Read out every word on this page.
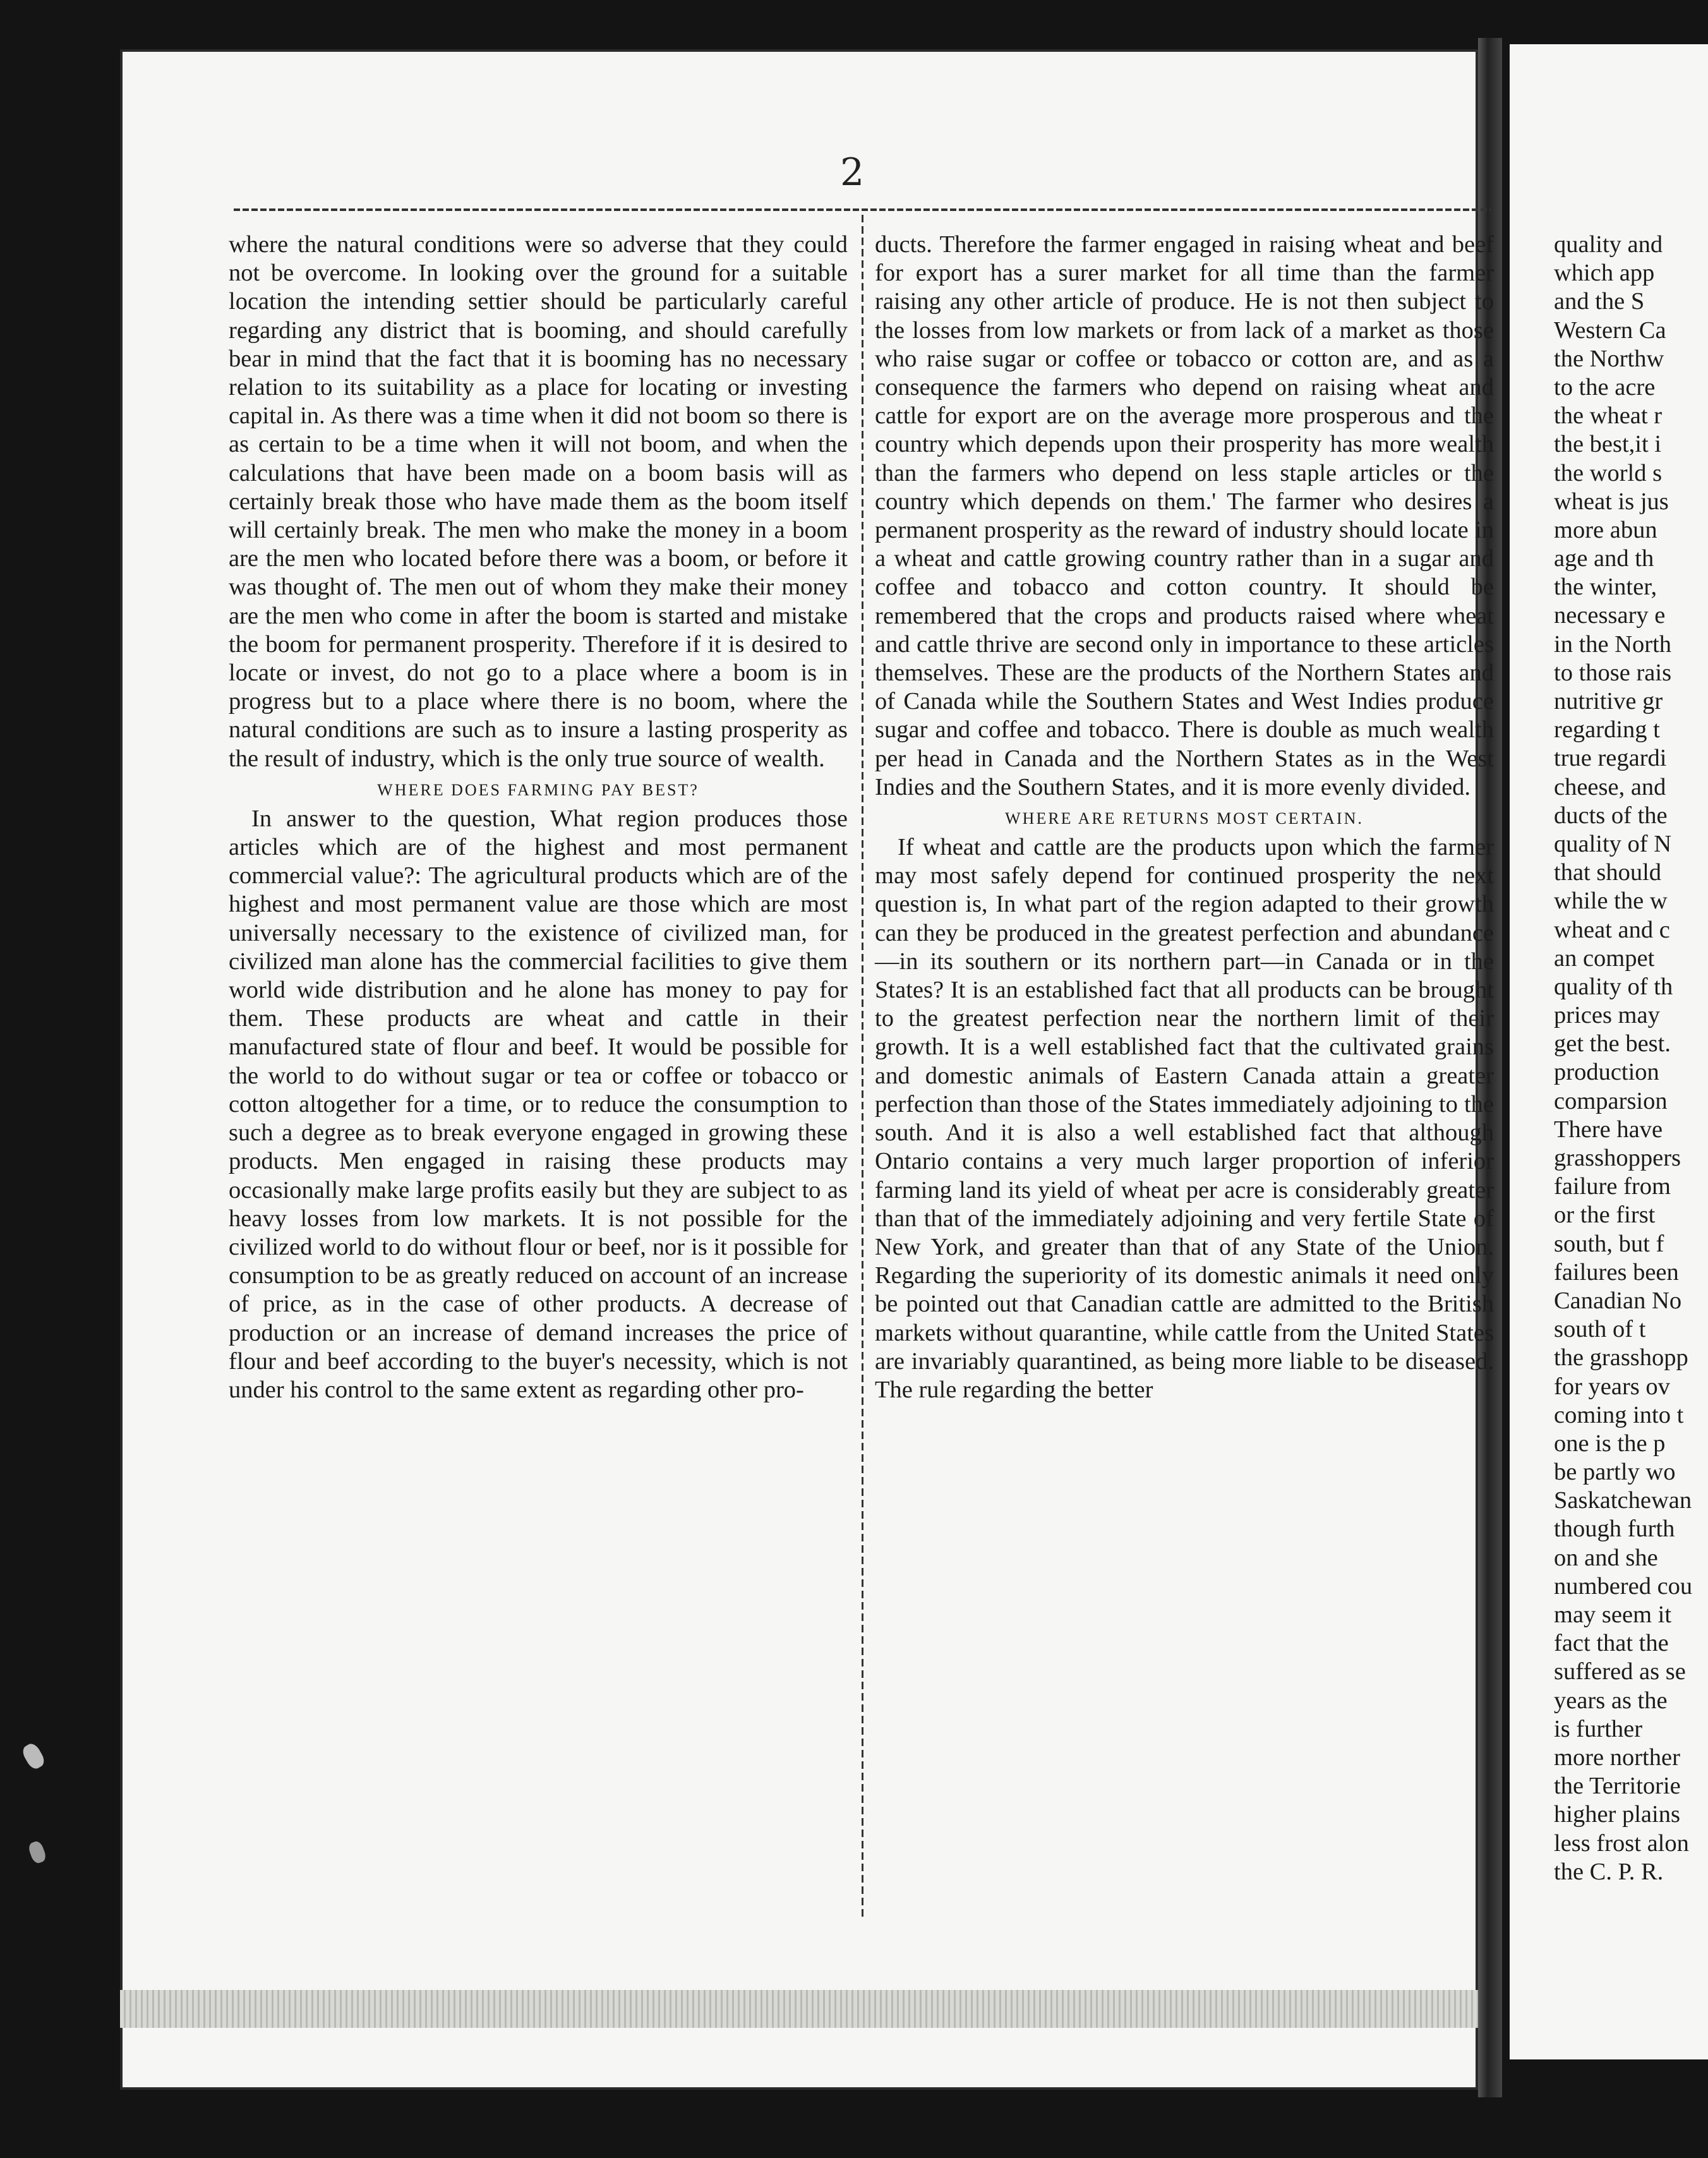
2

where the natural conditions were so adverse that they could not be overcome. In looking over the ground for a suitable location the intending settier should be particularly careful regarding any district that is booming, and should carefully bear in mind that the fact that it is booming has no necessary relation to its suitability as a place for locating or investing capital in. As there was a time when it did not boom so there is as certain to be a time when it will not boom, and when the calculations that have been made on a boom basis will as certainly break those who have made them as the boom itself will certainly break. The men who make the money in a boom are the men who located before there was a boom, or before it was thought of. The men out of whom they make their money are the men who come in after the boom is started and mistake the boom for permanent prosperity. Therefore if it is desired to locate or invest, do not go to a place where a boom is in progress but to a place where there is no boom, where the natural conditions are such as to insure a lasting prosperity as the result of industry, which is the only true source of wealth.

WHERE DOES FARMING PAY BEST?

In answer to the question, What region produces those articles which are of the highest and most permanent commercial value?: The agricultural products which are of the highest and most permanent value are those which are most universally necessary to the existence of civilized man, for civilized man alone has the commercial facilities to give them world wide distribution and he alone has money to pay for them. These products are wheat and cattle in their manufactured state of flour and beef. It would be possible for the world to do without sugar or tea or coffee or tobacco or cotton altogether for a time, or to reduce the consumption to such a degree as to break everyone engaged in growing these products. Men engaged in raising these products may occasionally make large profits easily but they are subject to as heavy losses from low markets. It is not possible for the civilized world to do without flour or beef, nor is it possible for consumption to be as greatly reduced on account of an increase of price, as in the case of other products. A decrease of production or an increase of demand increases the price of flour and beef according to the buyer's necessity, which is not under his control to the same extent as regarding other pro-

ducts. Therefore the farmer engaged in raising wheat and beef for export has a surer market for all time than the farmer raising any other article of produce. He is not then subject to the losses from low markets or from lack of a market as those who raise sugar or coffee or tobacco or cotton are, and as a consequence the farmers who depend on raising wheat and cattle for export are on the average more prosperous and the country which depends upon their prosperity has more wealth than the farmers who depend on less staple articles or the country which depends on them.' The farmer who desires a permanent prosperity as the reward of industry should locate in a wheat and cattle growing country rather than in a sugar and coffee and tobacco and cotton country. It should be remembered that the crops and products raised where wheat and cattle thrive are second only in importance to these articles themselves. These are the products of the Northern States and of Canada while the Southern States and West Indies produce sugar and coffee and tobacco. There is double as much wealth per head in Canada and the Northern States as in the West Indies and the Southern States, and it is more evenly divided.

WHERE ARE RETURNS MOST CERTAIN.

If wheat and cattle are the products upon which the farmer may most safely depend for continued prosperity the next question is, In what part of the region adapted to their growth can they be produced in the greatest perfection and abundance—in its southern or its northern part—in Canada or in the States? It is an established fact that all products can be brought to the greatest perfection near the northern limit of their growth. It is a well established fact that the cultivated grains and domestic animals of Eastern Canada attain a greater perfection than those of the States immediately adjoining to the south. And it is also a well established fact that although Ontario contains a very much larger proportion of inferior farming land its yield of wheat per acre is considerably greater than that of the immediately adjoining and very fertile State of New York, and greater than that of any State of the Union. Regarding the superiority of its domestic animals it need only be pointed out that Canadian cattle are admitted to the British markets without quarantine, while cattle from the United States are invariably quarantined, as being more liable to be diseased. The rule regarding the better

quality and
which app
and the S
Western Ca
the Northw
to the acre
the wheat r
the best,it i
the world s
wheat is jus
more abun
age and th
the winter,
necessary e
in the North
to those rais
nutritive gr
regarding t
true regardi
cheese, and
ducts of the
quality of N
that should
while the w
wheat and c
an compet
quality of th
prices may
get the best.
production
comparsion
There have
grasshoppers
failure from
or the first
south, but f
failures been
Canadian No
south of t
the grasshopp
for years ov
coming into t
one is the p
be partly wo
Saskatchewan
though furth
on and she
numbered cou
may seem it
fact that the
suffered as se
years as the
is further
more norther
the Territorie
higher plains
less frost alon
the C. P. R.
